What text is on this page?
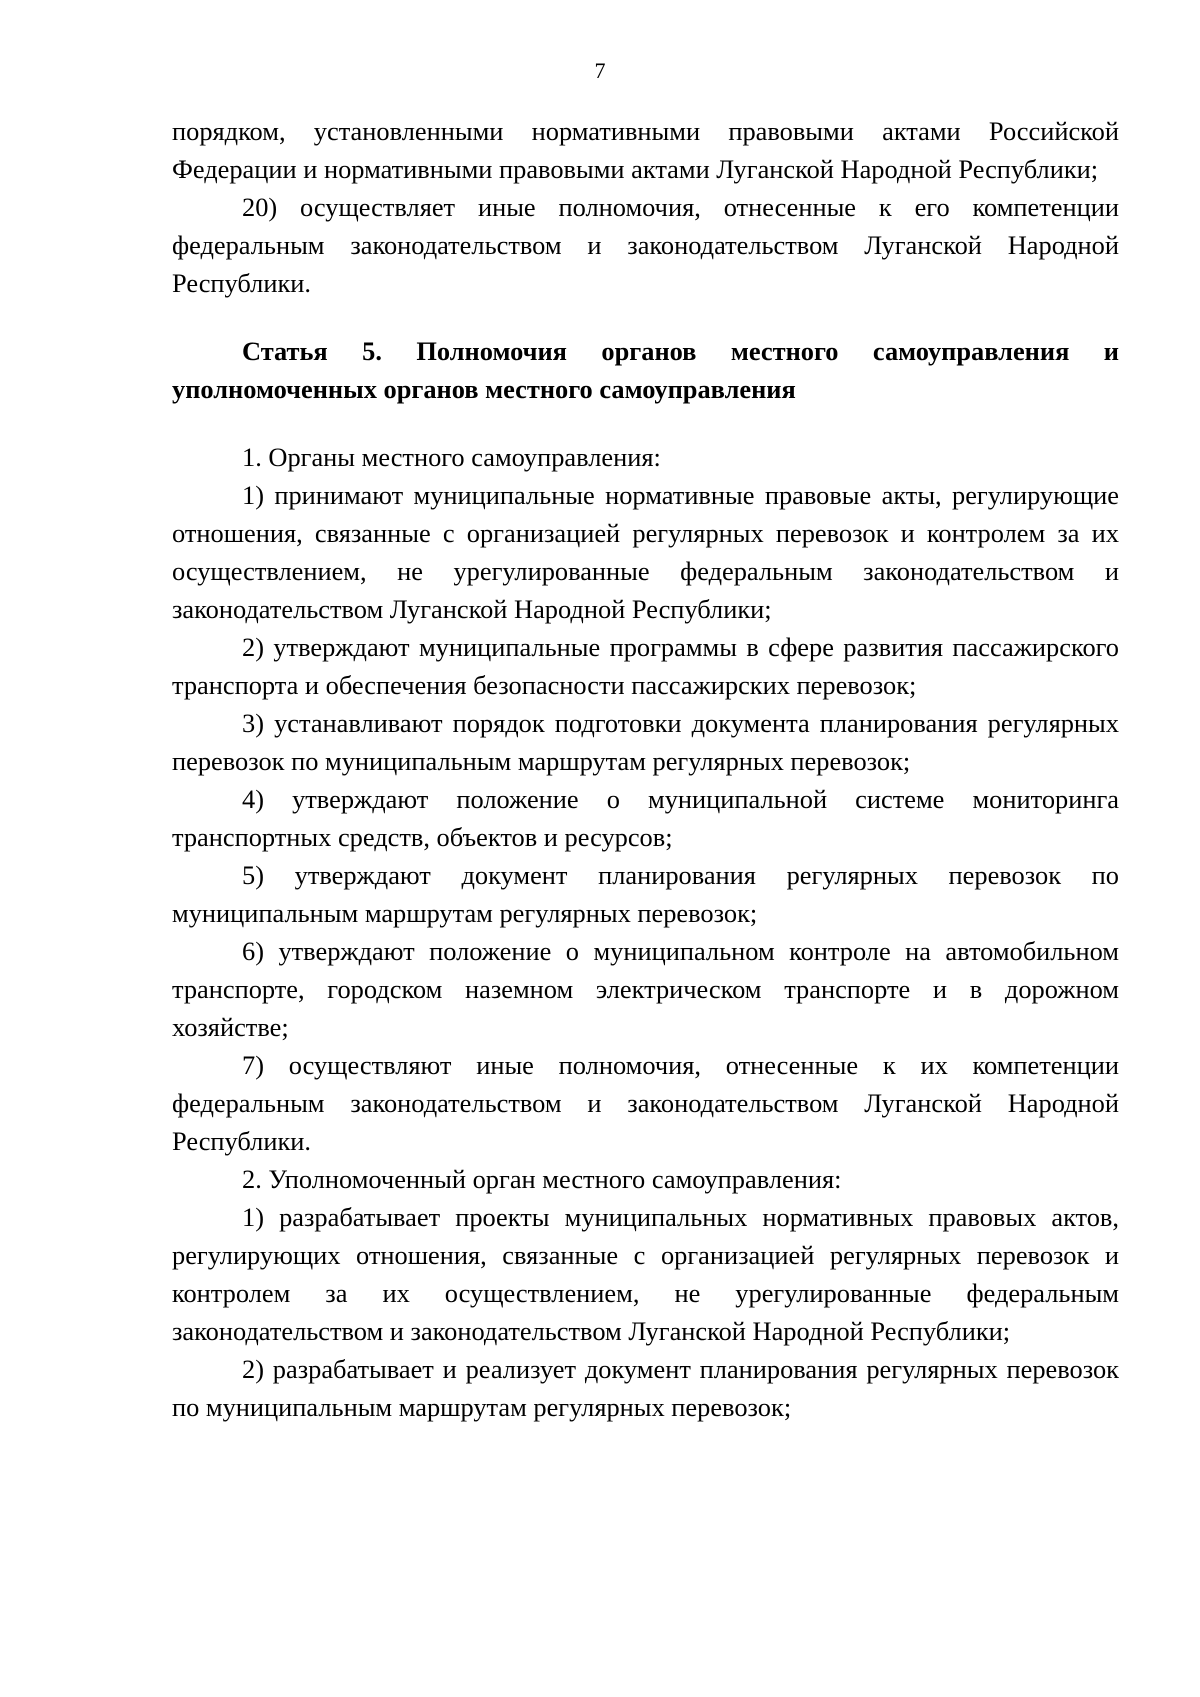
7

порядком, установленными нормативными правовыми актами Российской Федерации и нормативными правовыми актами Луганской Народной Республики;

20) осуществляет иные полномочия, отнесенные к его компетенции федеральным законодательством и законодательством Луганской Народной Республики.

Статья 5. Полномочия органов местного самоуправления и уполномоченных органов местного самоуправления

1. Органы местного самоуправления:

1) принимают муниципальные нормативные правовые акты, регулирующие отношения, связанные с организацией регулярных перевозок и контролем за их осуществлением, не урегулированные федеральным законодательством и законодательством Луганской Народной Республики;

2) утверждают муниципальные программы в сфере развития пассажирского транспорта и обеспечения безопасности пассажирских перевозок;

3) устанавливают порядок подготовки документа планирования регулярных перевозок по муниципальным маршрутам регулярных перевозок;

4) утверждают положение о муниципальной системе мониторинга транспортных средств, объектов и ресурсов;

5) утверждают документ планирования регулярных перевозок по муниципальным маршрутам регулярных перевозок;

6) утверждают положение о муниципальном контроле на автомобильном транспорте, городском наземном электрическом транспорте и в дорожном хозяйстве;

7) осуществляют иные полномочия, отнесенные к их компетенции федеральным законодательством и законодательством Луганской Народной Республики.

2. Уполномоченный орган местного самоуправления:

1) разрабатывает проекты муниципальных нормативных правовых актов, регулирующих отношения, связанные с организацией регулярных перевозок и контролем за их осуществлением, не урегулированные федеральным законодательством и законодательством Луганской Народной Республики;

2) разрабатывает и реализует документ планирования регулярных перевозок по муниципальным маршрутам регулярных перевозок;
